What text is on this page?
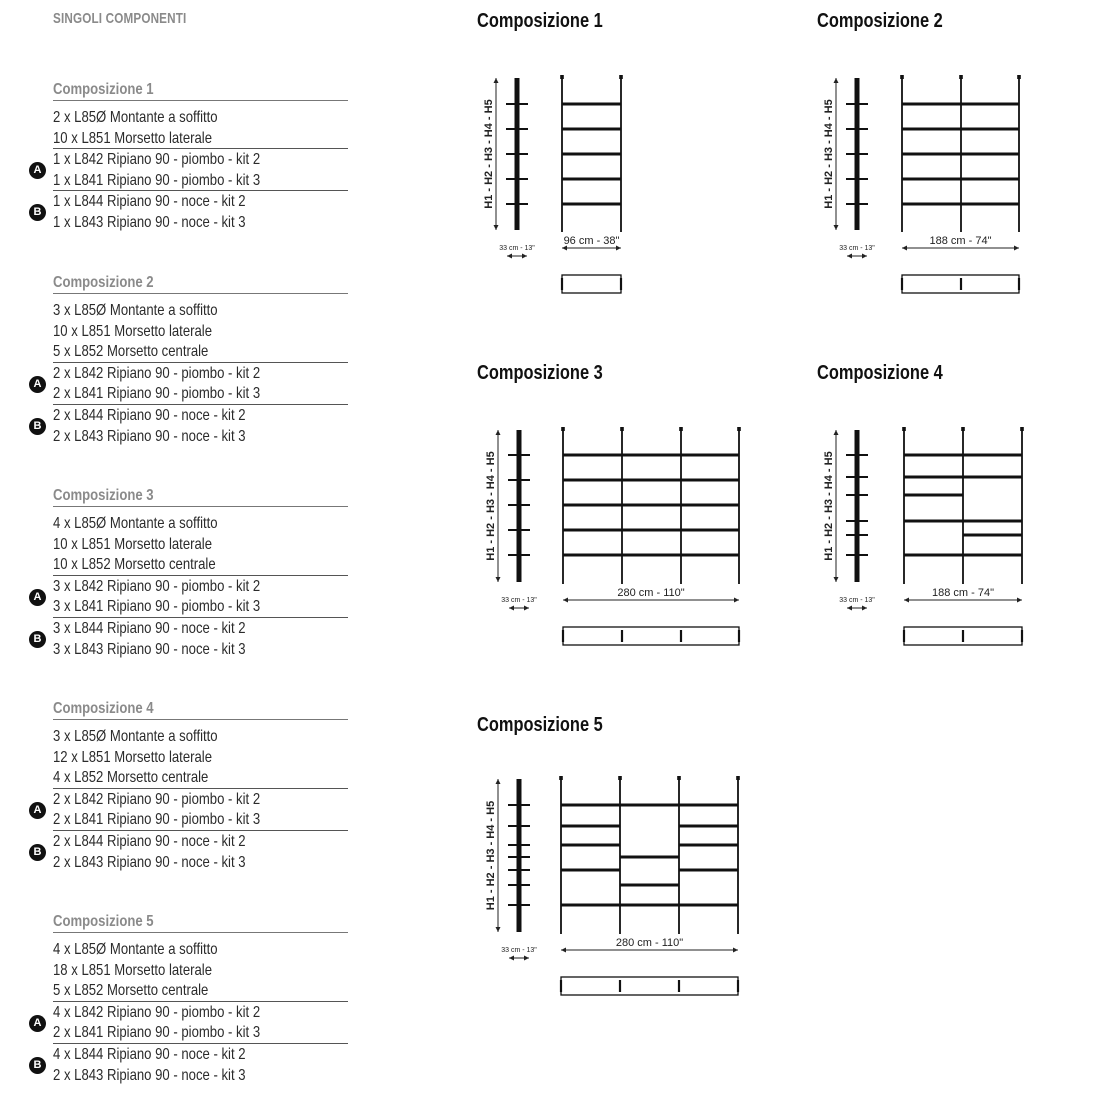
SINGOLI COMPONENTI
Composizione 1
2 x L85Ø Montante a soffitto
10 x L851 Morsetto laterale
A
1 x L842 Ripiano 90 - piombo - kit 2
1 x L841 Ripiano 90 - piombo - kit 3
B
1 x L844 Ripiano 90 - noce - kit 2
1 x L843 Ripiano 90 - noce - kit 3
Composizione 2
3 x L85Ø Montante a soffitto
10 x L851 Morsetto laterale
5 x L852 Morsetto centrale
A
2 x L842 Ripiano 90 - piombo - kit 2
2 x L841 Ripiano 90 - piombo - kit 3
B
2 x L844 Ripiano 90 - noce - kit 2
2 x L843 Ripiano 90 - noce - kit 3
Composizione 3
4 x L85Ø Montante a soffitto
10 x L851 Morsetto laterale
10 x L852 Morsetto centrale
A
3 x L842 Ripiano 90 - piombo - kit 2
3 x L841 Ripiano 90 - piombo - kit 3
B
3 x L844 Ripiano 90 - noce - kit 2
3 x L843 Ripiano 90 - noce - kit 3
Composizione 4
3 x L85Ø Montante a soffitto
12 x L851 Morsetto laterale
4 x L852 Morsetto centrale
A
2 x L842 Ripiano 90 - piombo - kit 2
2 x L841 Ripiano 90 - piombo - kit 3
B
2 x L844 Ripiano 90 - noce - kit 2
2 x L843 Ripiano 90 - noce - kit 3
Composizione 5
4 x L85Ø Montante a soffitto
18 x L851 Morsetto laterale
5 x L852 Morsetto centrale
A
4 x L842 Ripiano 90 - piombo - kit 2
2 x L841 Ripiano 90 - piombo - kit 3
B
4 x L844 Ripiano 90 - noce - kit 2
2 x L843 Ripiano 90 - noce - kit 3
Composizione 1	Composizione 2
Composizione 3	Composizione 4
Composizione 5
H1 - H2 - H3 - H4 - H5
33 cm - 13"
96 cm - 38"
H1 - H2 - H3 - H4 - H5
33 cm - 13"
188 cm - 74"
H1 - H2 - H3 - H4 - H5
33 cm - 13"
280 cm - 110"
H1 - H2 - H3 - H4 - H5
33 cm - 13"
188 cm - 74"
H1 - H2 - H3 - H4 - H5
33 cm - 13"
280 cm - 110"
